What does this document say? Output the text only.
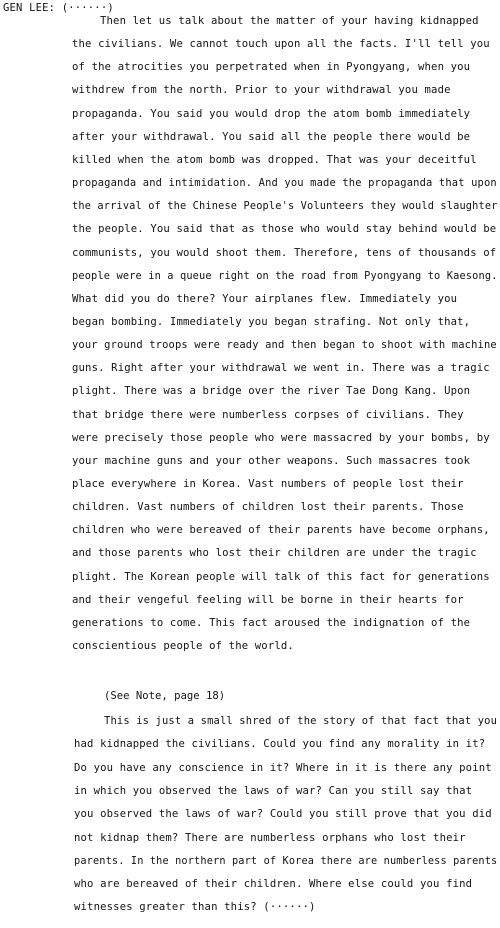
GEN LEE: (······)
Then let us talk about the matter of your having kidnapped
the civilians. We cannot touch upon all the facts. I'll tell you
of the atrocities you perpetrated when in Pyongyang, when you
withdrew from the north. Prior to your withdrawal you made
propaganda. You said you would drop the atom bomb immediately
after your withdrawal. You said all the people there would be
killed when the atom bomb was dropped. That was your deceitful
propaganda and intimidation. And you made the propaganda that upon
the arrival of the Chinese People's Volunteers they would slaughter
the people. You said that as those who would stay behind would be
communists, you would shoot them. Therefore, tens of thousands of
people were in a queue right on the road from Pyongyang to Kaesong.
What did you do there? Your airplanes flew. Immediately you
began bombing. Immediately you began strafing. Not only that,
your ground troops were ready and then began to shoot with machine
guns. Right after your withdrawal we went in. There was a tragic
plight. There was a bridge over the river Tae Dong Kang. Upon
that bridge there were numberless corpses of civilians. They
were precisely those people who were massacred by your bombs, by
your machine guns and your other weapons. Such massacres took
place everywhere in Korea. Vast numbers of people lost their
children. Vast numbers of children lost their parents. Those
children who were bereaved of their parents have become orphans,
and those parents who lost their children are under the tragic
plight. The Korean people will talk of this fact for generations
and their vengeful feeling will be borne in their hearts for
generations to come. This fact aroused the indignation of the
conscientious people of the world.
(See Note, page 18)
This is just a small shred of the story of that fact that you
had kidnapped the civilians. Could you find any morality in it?
Do you have any conscience in it? Where in it is there any point
in which you observed the laws of war? Can you still say that
you observed the laws of war? Could you still prove that you did
not kidnap them? There are numberless orphans who lost their
parents. In the northern part of Korea there are numberless parents
who are bereaved of their children. Where else could you find
witnesses greater than this? (······)
